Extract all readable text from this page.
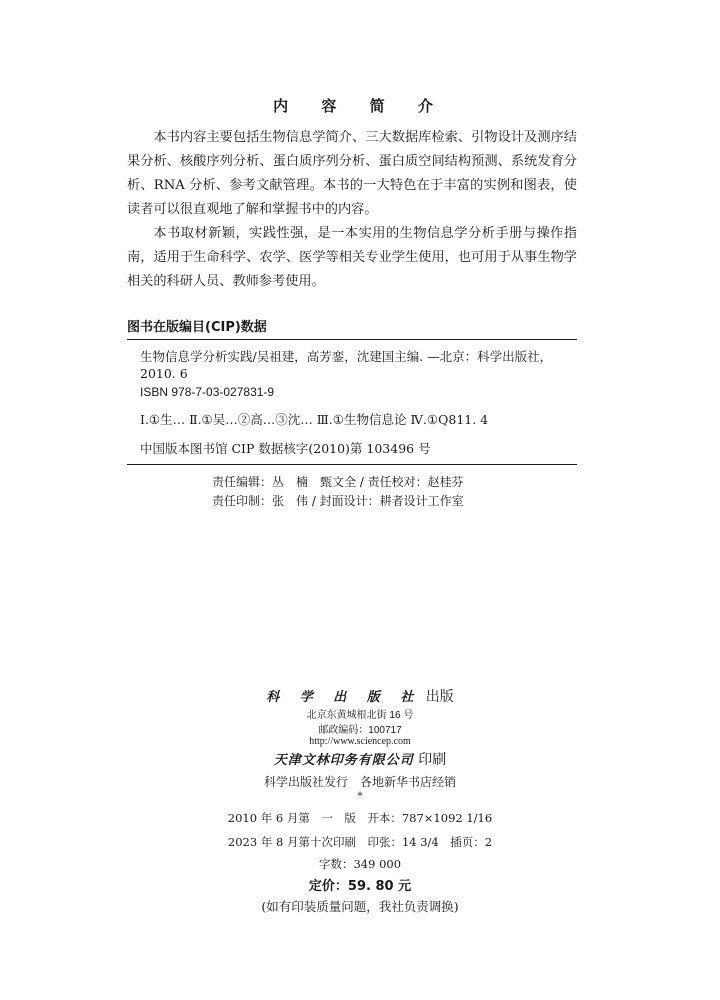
内 容 简 介

本书内容主要包括生物信息学简介、三大数据库检索、引物设计及测序结果分析、核酸序列分析、蛋白质序列分析、蛋白质空间结构预测、系统发育分析、RNA 分析、参考文献管理。本书的一大特色在于丰富的实例和图表，使读者可以很直观地了解和掌握书中的内容。

本书取材新颖，实践性强，是一本实用的生物信息学分析手册与操作指南，适用于生命科学、农学、医学等相关专业学生使用，也可用于从事生物学相关的科研人员、教师参考使用。

图书在版编目(CIP)数据
生物信息学分析实践/吴祖建，高芳銮，沈建国主编. —北京：科学出版社，
2010. 6
ISBN 978-7-03-027831-9
Ⅰ.①生… Ⅱ.①吴…②高…③沈… Ⅲ.①生物信息论 Ⅳ.①Q811. 4
中国版本图书馆 CIP 数据核字(2010)第 103496 号
责任编辑：丛　楠　甄文全 / 责任校对：赵桂芬
责任印制：张　伟 / 封面设计：耕者设计工作室
科 学 出 版 社 出版
北京东黄城根北街 16 号
邮政编码：100717
http://www.sciencep.com
天津文林印务有限公司 印刷
科学出版社发行　各地新华书店经销
*
2010 年 6 月第　一　版　开本：787×1092 1/16
2023 年 8 月第十次印刷　印张：14 3/4　插页：2
字数：349 000
定价：59. 80 元
(如有印装质量问题，我社负责调换)
